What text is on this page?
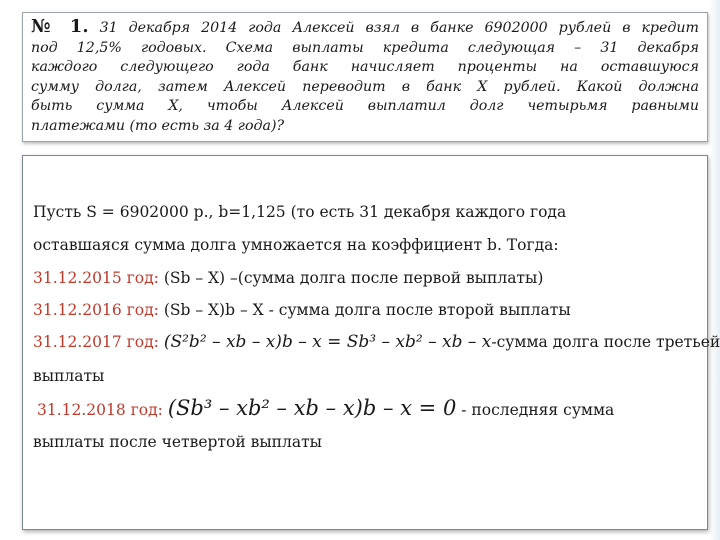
№ 1. 31 декабря 2014 года Алексей взял в банке 6902000 рублей в кредит
под 12,5% годовых. Схема выплаты кредита следующая – 31 декабря
каждого следующего года банк начисляет проценты на оставшуюся
сумму долга, затем Алексей переводит в банк Х рублей. Какой должна
быть сумма Х, чтобы Алексей выплатил долг четырьмя равными
платежами (то есть за 4 года)?
Пусть S = 6902000 р., b=1,125 (то есть 31 декабря каждого года
оставшаяся сумма долга умножается на коэффициент b. Тогда:
31.12.2015 год: (Sb – X) –(сумма долга после первой выплаты)
31.12.2016 год: (Sb – X)b – X - сумма долга после второй выплаты
31.12.2017 год: (S²b² – xb – x)b – x = Sb³ – xb² – xb – x-сумма долга после третьей
выплаты
31.12.2018 год: (Sb³ – xb² – xb – x)b – x = 0 - последняя сумма
выплаты после четвертой выплаты
